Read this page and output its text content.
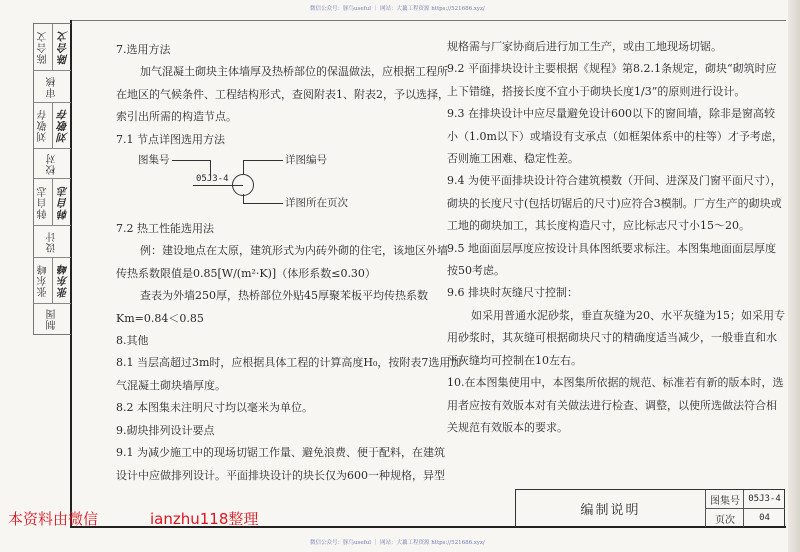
微信公众号：豚鸟useful ｜ 网站：大藕工程资源 https://521686.xyz/
微信公众号：豚鸟useful ｜ 网站：大藕工程资源 https://521686.xyz/
陈合文 陈合文
审核
刘敬存 刘敬存
校对
韩自志 韩自志
设计
张东峰 张东峰
制图
7.选用方法
加气混凝土砌块主体墙厚及热桥部位的保温做法，应根据工程所
在地区的气候条件、工程结构形式，查阅附表1、附表2，予以选择，
索引出所需的构造节点。
7.1 节点详图选用方法
图集号
05J3-4
详图编号
详图所在页次
7.2 热工性能选用法
例：建设地点在太原，建筑形式为内砖外砌的住宅，该地区外墙
传热系数限值是0.85[W/(m²·K)]（体形系数≤0.30）
查表为外墙250厚，热桥部位外贴45厚聚苯板平均传热系数
Km=0.84＜0.85
8.其他
8.1 当层高超过3m时，应根据具体工程的计算高度H₀，按附表7选用加
气混凝土砌块墙厚度。
8.2 本图集未注明尺寸均以毫米为单位。
9.砌块排列设计要点
9.1 为减少施工中的现场切锯工作量、避免浪费、便于配料，在建筑
设计中应做排列设计。平面排块设计的块长仅为600一种规格，异型
规格需与厂家协商后进行加工生产，或由工地现场切锯。
9.2 平面排块设计主要根据《规程》第8.2.1条规定，砌块“砌筑时应
上下错缝，搭接长度不宜小于砌块长度1/3”的原则进行设计。
9.3 在排块设计中应尽量避免设计600以下的窗间墙，除非是窗高较
小（1.0m以下）或墙设有支承点（如框架体系中的柱等）才予考虑，
否则施工困难、稳定性差。
9.4 为使平面排块设计符合建筑模数（开间、进深及门窗平面尺寸），
砌块的长度尺寸(包括切锯后的尺寸)应符合3模制。厂方生产的砌块或
工地的砌块加工，其长度构造尺寸，应比标志尺寸小15～20。
9.5 地面面层厚度应按设计具体图纸要求标注。本图集地面面层厚度
按50考虑。
9.6 排块时灰缝尺寸控制：
如采用普通水泥砂浆，垂直灰缝为20、水平灰缝为15；如采用专
用砂浆时，其灰缝可根据砌块尺寸的精确度适当减少，一般垂直和水
平灰缝均可控制在10左右。
10.在本图集使用中，本图集所依据的规范、标准若有新的版本时，选
用者应按有效版本对有关做法进行检查、调整，以使所选做法符合相
关规范有效版本的要求。
编制说明
图集号 05J3-4
页次	04
本资料由微信	ianzhu118整理
